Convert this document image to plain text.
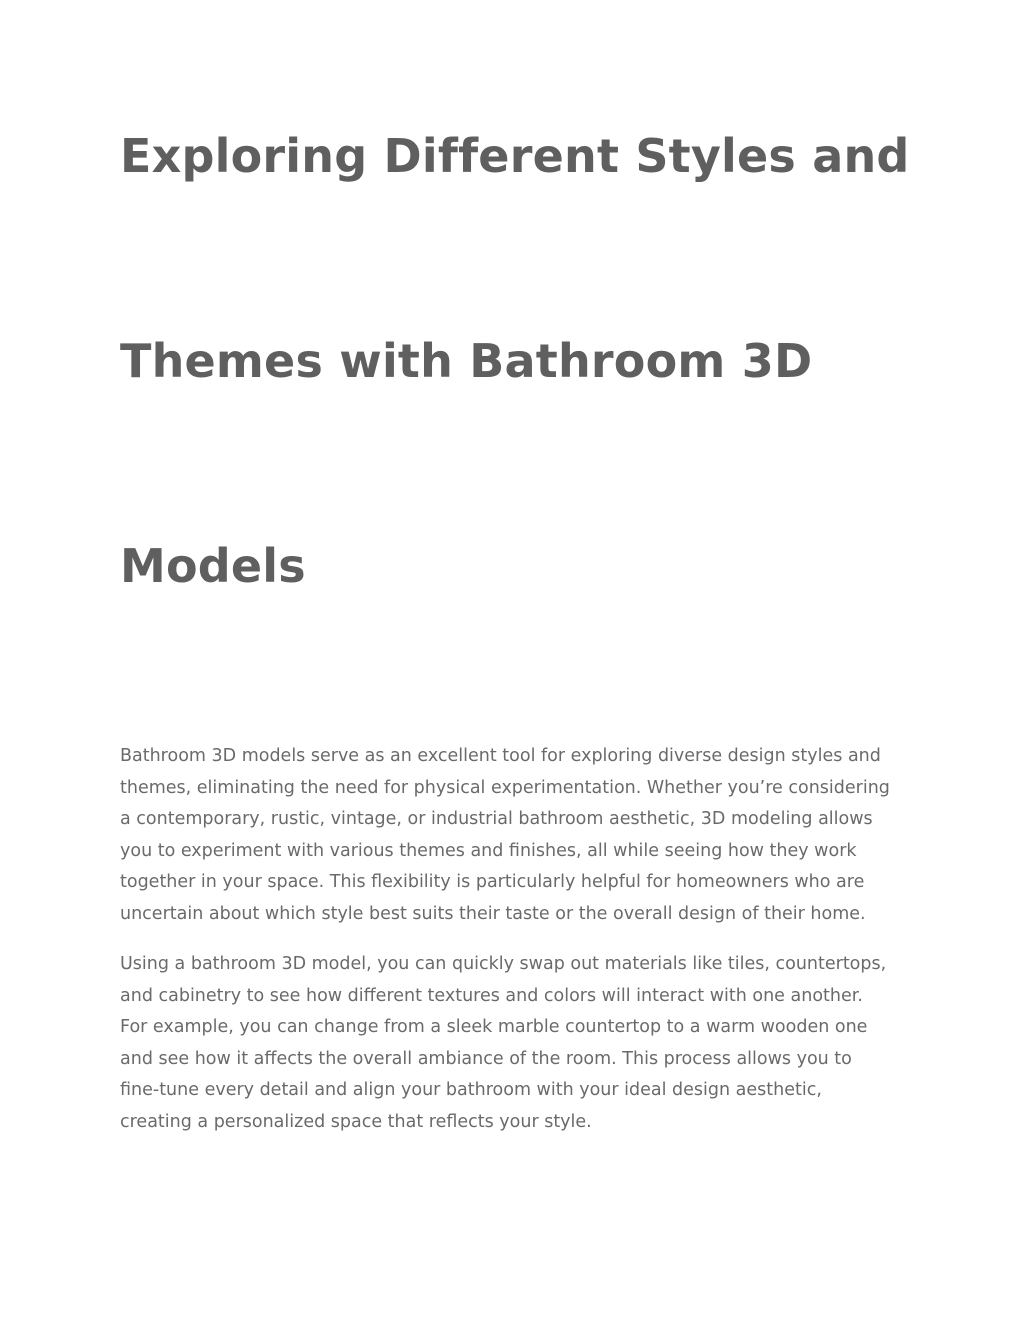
Exploring Different Styles and
Themes with Bathroom 3D
Models

Bathroom 3D models serve as an excellent tool for exploring diverse design styles and
themes, eliminating the need for physical experimentation. Whether you’re considering
a contemporary, rustic, vintage, or industrial bathroom aesthetic, 3D modeling allows
you to experiment with various themes and finishes, all while seeing how they work
together in your space. This flexibility is particularly helpful for homeowners who are
uncertain about which style best suits their taste or the overall design of their home.

Using a bathroom 3D model, you can quickly swap out materials like tiles, countertops,
and cabinetry to see how different textures and colors will interact with one another.
For example, you can change from a sleek marble countertop to a warm wooden one
and see how it affects the overall ambiance of the room. This process allows you to
fine-tune every detail and align your bathroom with your ideal design aesthetic,
creating a personalized space that reflects your style.
